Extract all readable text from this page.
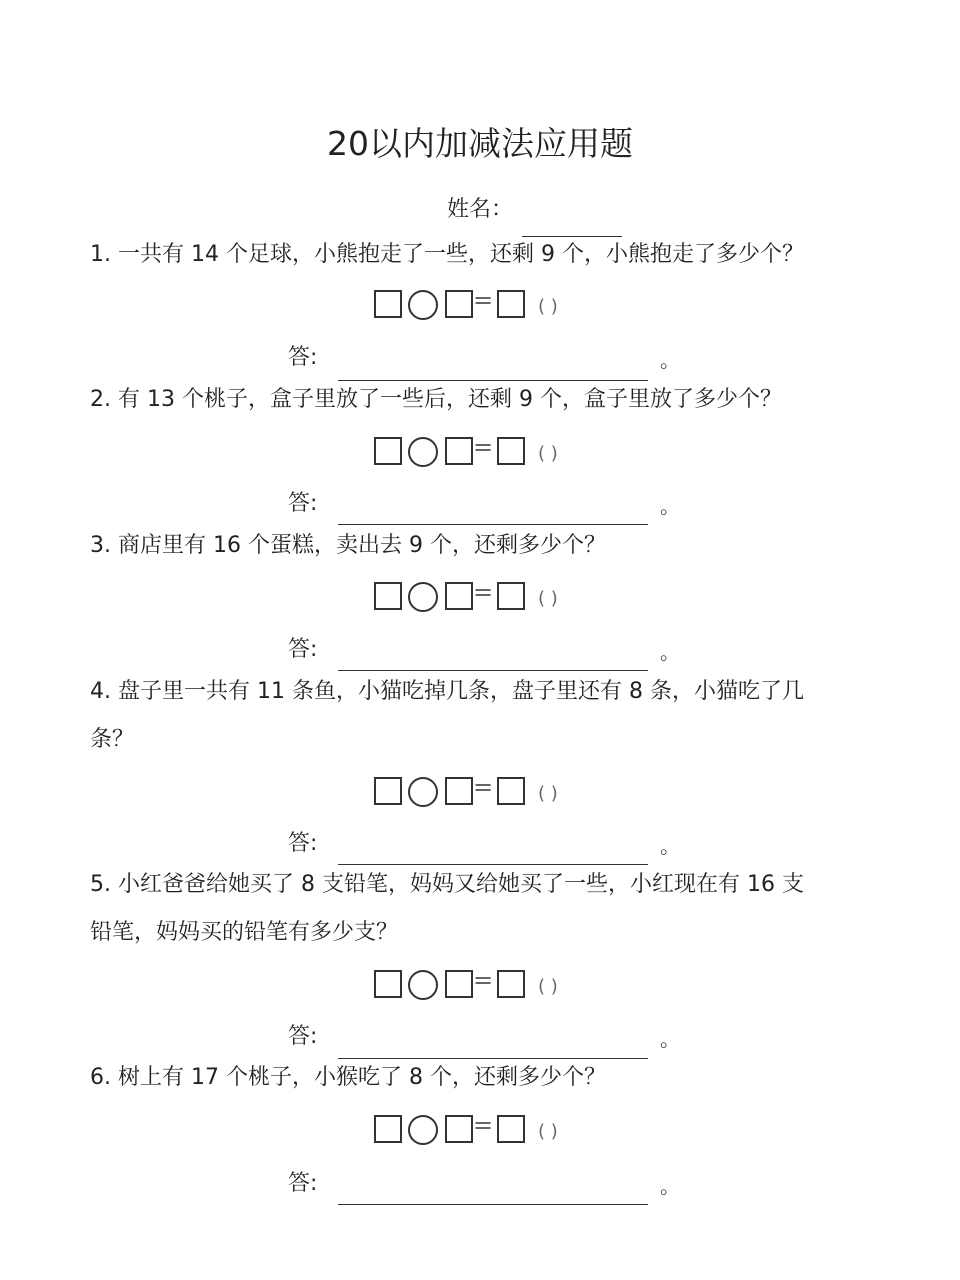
20以内加减法应用题
姓名：
1. 一共有 14 个足球，小熊抱走了一些，还剩 9 个，小熊抱走了多少个？
= ( )
答:	。
2. 有 13 个桃子，盒子里放了一些后，还剩 9 个，盒子里放了多少个？
= ( )
答:	。
3. 商店里有 16 个蛋糕，卖出去 9 个，还剩多少个？
= ( )
答:	。
4. 盘子里一共有 11 条鱼，小猫吃掉几条，盘子里还有 8 条，小猫吃了几
条？
= ( )
答:	。
5. 小红爸爸给她买了 8 支铅笔，妈妈又给她买了一些，小红现在有 16 支
铅笔，妈妈买的铅笔有多少支？
= ( )
答:	。
6. 树上有 17 个桃子，小猴吃了 8 个，还剩多少个？
= ( )
答:	。
